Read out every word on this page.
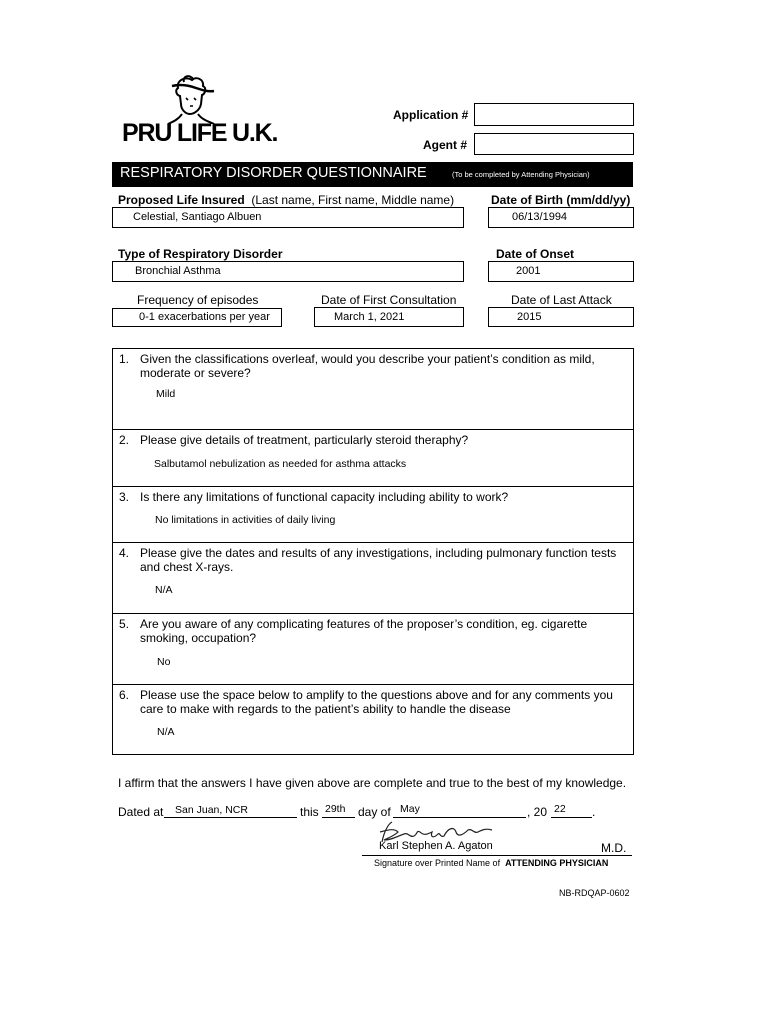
PRU LIFE U.K.
Application #
Agent #
RESPIRATORY DISORDER QUESTIONNAIRE	(To be completed by Attending Physician)
Proposed Life Insured (Last name, First name, Middle name)
Celestial, Santiago Albuen
Date of Birth (mm/dd/yy)
06/13/1994
Type of Respiratory Disorder
Bronchial Asthma
Date of Onset
2001
Frequency of episodes
0-1 exacerbations per year
Date of First Consultation
March 1, 2021
Date of Last Attack
2015
1. Given the classifications overleaf, would you describe your patient’s condition as mild, moderate or severe?
Mild
2. Please give details of treatment, particularly steroid theraphy?
Salbutamol nebulization as needed for asthma attacks
3. Is there any limitations of functional capacity including ability to work?
No limitations in activities of daily living
4. Please give the dates and results of any investigations, including pulmonary function tests and chest X-rays.
N/A
5. Are you aware of any complicating features of the proposer’s condition, eg. cigarette smoking, occupation?
No
6. Please use the space below to amplify to the questions above and for any comments you care to make with regards to the patient’s ability to handle the disease
N/A
I affirm that the answers I have given above are complete and true to the best of my knowledge.
Dated at San Juan, NCR	this 29th day of May	, 20 22 .
Karl Stephen A. Agaton	M.D.
Signature over Printed Name of ATTENDING PHYSICIAN
NB-RDQAP-0602
